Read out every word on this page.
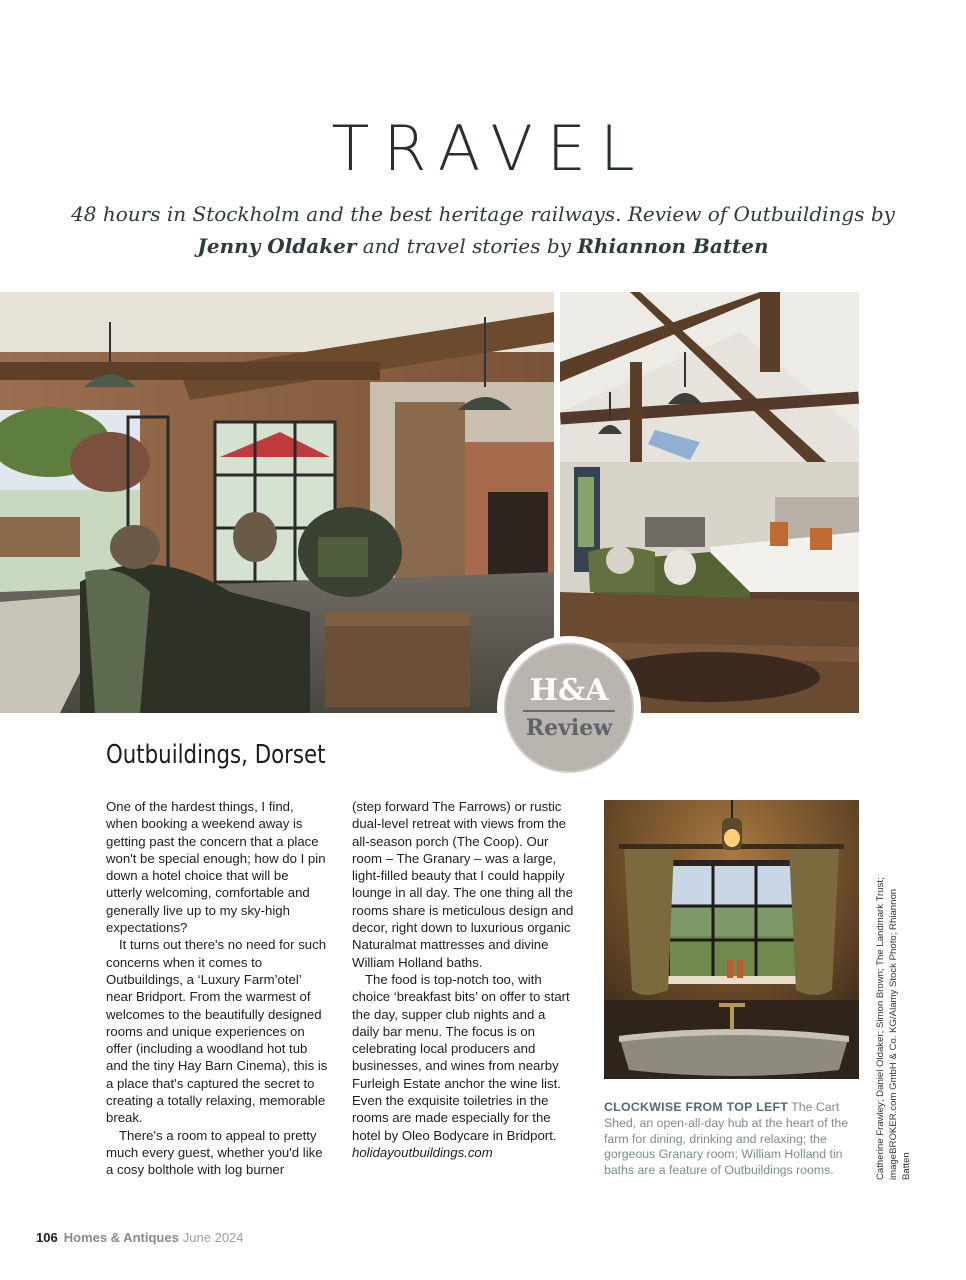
TRAVEL
48 hours in Stockholm and the best heritage railways. Review of Outbuildings by Jenny Oldaker and travel stories by Rhiannon Batten
H&A
Review
Outbuildings, Dorset

One of the hardest things, I find, when booking a weekend away is getting past the concern that a place won't be special enough; how do I pin down a hotel choice that will be utterly welcoming, comfortable and generally live up to my sky-high expectations?

It turns out there's no need for such concerns when it comes to Outbuildings, a ‘Luxury Farm’otel’ near Bridport. From the warmest of welcomes to the beautifully designed rooms and unique experiences on offer (including a woodland hot tub and the tiny Hay Barn Cinema), this is a place that's captured the secret to creating a totally relaxing, memorable break.

There's a room to appeal to pretty much every guest, whether you'd like a cosy bolthole with log burner

(step forward The Farrows) or rustic dual-level retreat with views from the all-season porch (The Coop). Our room – The Granary – was a large, light-filled beauty that I could happily lounge in all day. The one thing all the rooms share is meticulous design and decor, right down to luxurious organic Naturalmat mattresses and divine William Holland baths.

The food is top-notch too, with choice ‘breakfast bits’ on offer to start the day, supper club nights and a daily bar menu. The focus is on celebrating local producers and businesses, and wines from nearby Furleigh Estate anchor the wine list. Even the exquisite toiletries in the rooms are made especially for the hotel by Oleo Bodycare in Bridport.

holidayoutbuildings.com

CLOCKWISE FROM TOP LEFT The Cart Shed, an open-all-day hub at the heart of the farm for dining, drinking and relaxing; the gorgeous Granary room; William Holland tin baths are a feature of Outbuildings rooms.	Catherine Frawley; Daniel Oldaker; Simon Brown; The Landmark Trust; imageBROKER.com GmbH & Co. KG/Alamy Stock Photo; Rhiannon Batten
106 Homes & Antiques June 2024
